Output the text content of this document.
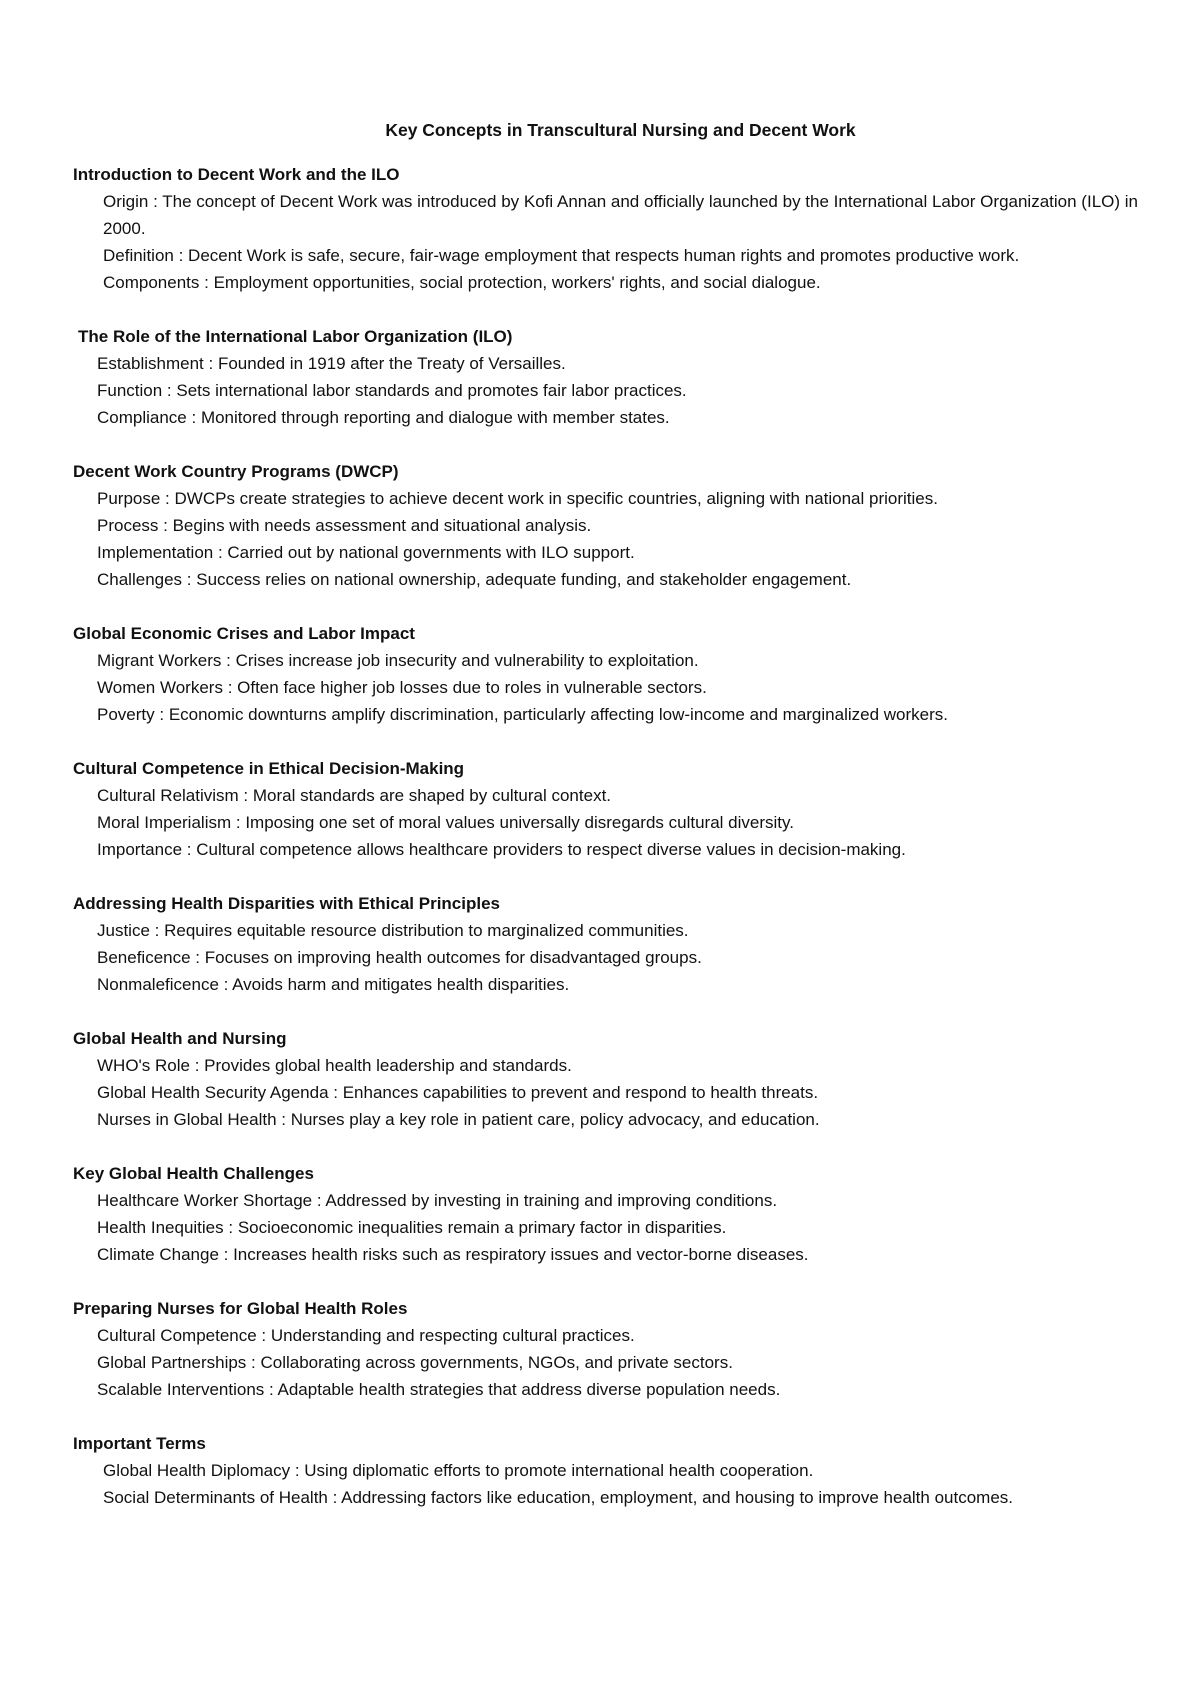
Key Concepts in Transcultural Nursing and Decent Work
Introduction to Decent Work and the ILO
Origin : The concept of Decent Work was introduced by Kofi Annan and officially launched by the International Labor Organization (ILO) in 2000.
Definition : Decent Work is safe, secure, fair-wage employment that respects human rights and promotes productive work.
Components : Employment opportunities, social protection, workers' rights, and social dialogue.
The Role of the International Labor Organization (ILO)
Establishment : Founded in 1919 after the Treaty of Versailles.
Function : Sets international labor standards and promotes fair labor practices.
Compliance : Monitored through reporting and dialogue with member states.
Decent Work Country Programs (DWCP)
Purpose : DWCPs create strategies to achieve decent work in specific countries, aligning with national priorities.
Process : Begins with needs assessment and situational analysis.
Implementation : Carried out by national governments with ILO support.
Challenges : Success relies on national ownership, adequate funding, and stakeholder engagement.
Global Economic Crises and Labor Impact
Migrant Workers : Crises increase job insecurity and vulnerability to exploitation.
Women Workers : Often face higher job losses due to roles in vulnerable sectors.
Poverty : Economic downturns amplify discrimination, particularly affecting low-income and marginalized workers.
Cultural Competence in Ethical Decision-Making
Cultural Relativism : Moral standards are shaped by cultural context.
Moral Imperialism : Imposing one set of moral values universally disregards cultural diversity.
Importance : Cultural competence allows healthcare providers to respect diverse values in decision-making.
Addressing Health Disparities with Ethical Principles
Justice : Requires equitable resource distribution to marginalized communities.
Beneficence : Focuses on improving health outcomes for disadvantaged groups.
Nonmaleficence : Avoids harm and mitigates health disparities.
Global Health and Nursing
WHO's Role : Provides global health leadership and standards.
Global Health Security Agenda : Enhances capabilities to prevent and respond to health threats.
Nurses in Global Health : Nurses play a key role in patient care, policy advocacy, and education.
Key Global Health Challenges
Healthcare Worker Shortage : Addressed by investing in training and improving conditions.
Health Inequities : Socioeconomic inequalities remain a primary factor in disparities.
Climate Change : Increases health risks such as respiratory issues and vector-borne diseases.
Preparing Nurses for Global Health Roles
Cultural Competence : Understanding and respecting cultural practices.
Global Partnerships : Collaborating across governments, NGOs, and private sectors.
Scalable Interventions : Adaptable health strategies that address diverse population needs.
Important Terms
Global Health Diplomacy : Using diplomatic efforts to promote international health cooperation.
Social Determinants of Health : Addressing factors like education, employment, and housing to improve health outcomes.
